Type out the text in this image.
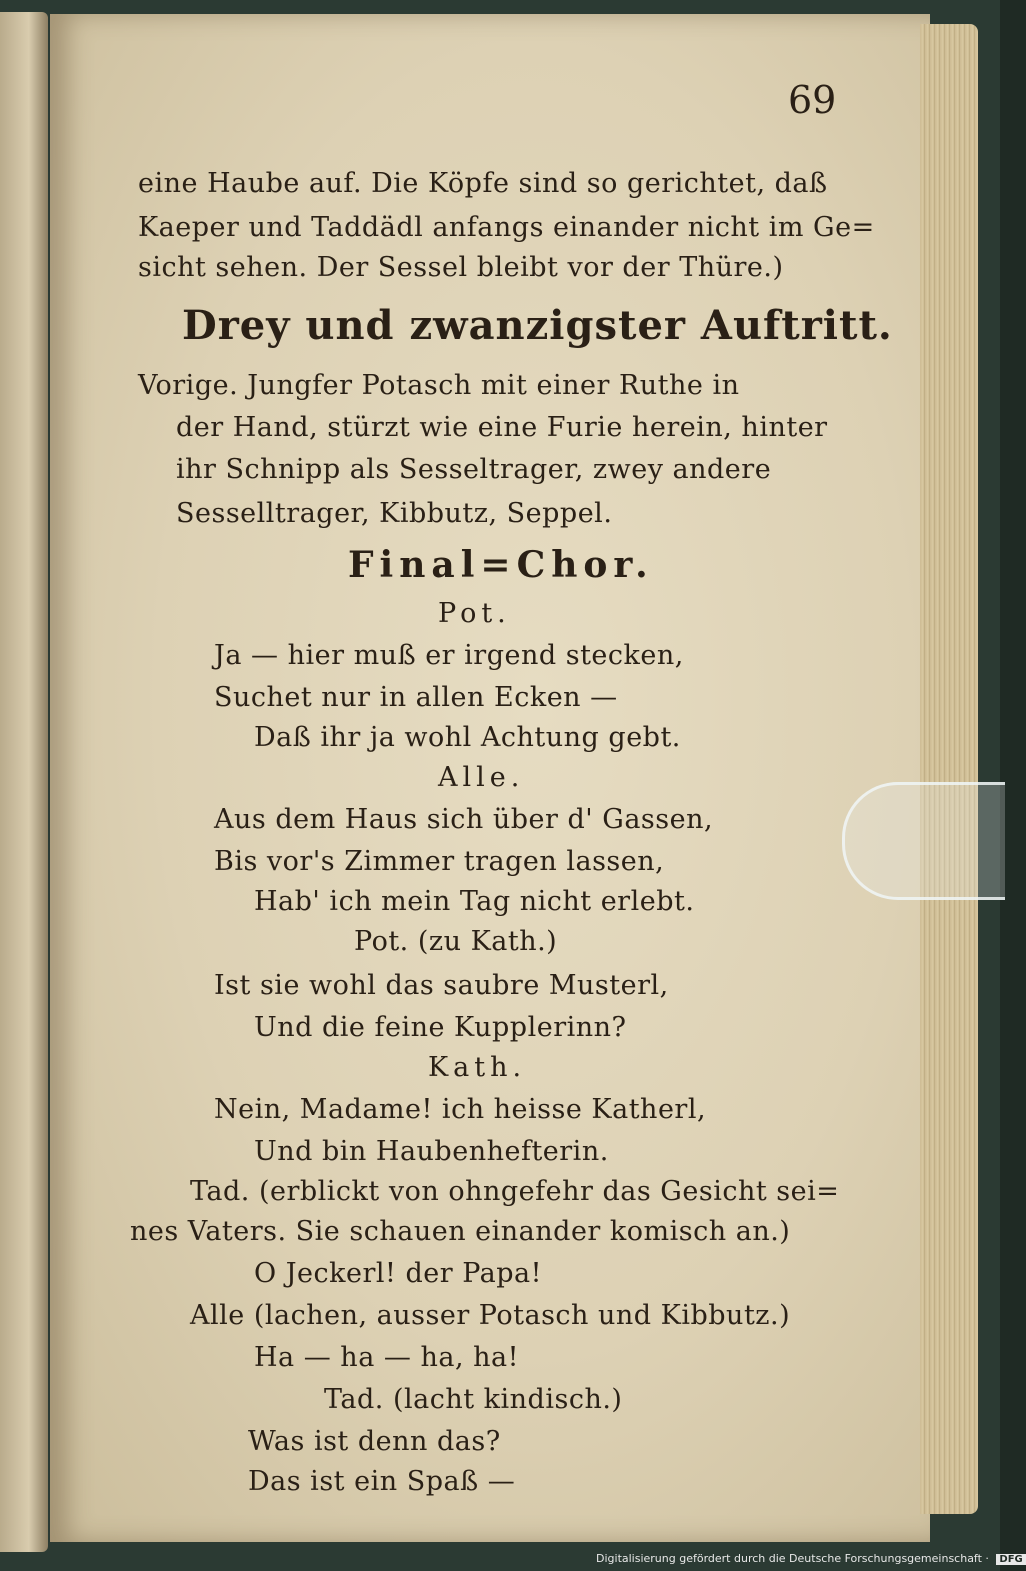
69
eine Haube auf. Die Köpfe sind so gerichtet, daß
Kaeper und Taddädl anfangs einander nicht im Ge=
sicht sehen. Der Sessel bleibt vor der Thüre.)
Drey und zwanzigster Auftritt.
Vorige. Jungfer Potasch mit einer Ruthe in
der Hand, stürzt wie eine Furie herein, hinter
ihr Schnipp als Sesseltrager, zwey andere
Sesselltrager, Kibbutz, Seppel.
Final=Chor.
Pot.
Ja — hier muß er irgend stecken,
Suchet nur in allen Ecken —
Daß ihr ja wohl Achtung gebt.
Alle.
Aus dem Haus sich über d' Gassen,
Bis vor's Zimmer tragen lassen,
Hab' ich mein Tag nicht erlebt.
Pot. (zu Kath.)
Ist sie wohl das saubre Musterl,
Und die feine Kupplerinn?
Kath.
Nein, Madame! ich heisse Katherl,
Und bin Haubenhefterin.
Tad. (erblickt von ohngefehr das Gesicht sei=
nes Vaters. Sie schauen einander komisch an.)
O Jeckerl! der Papa!
Alle (lachen, ausser Potasch und Kibbutz.)
Ha — ha — ha, ha!
Tad. (lacht kindisch.)
Was ist denn das?
Das ist ein Spaß —
Digitalisierung gefördert durch die Deutsche Forschungsgemeinschaft · DFG
